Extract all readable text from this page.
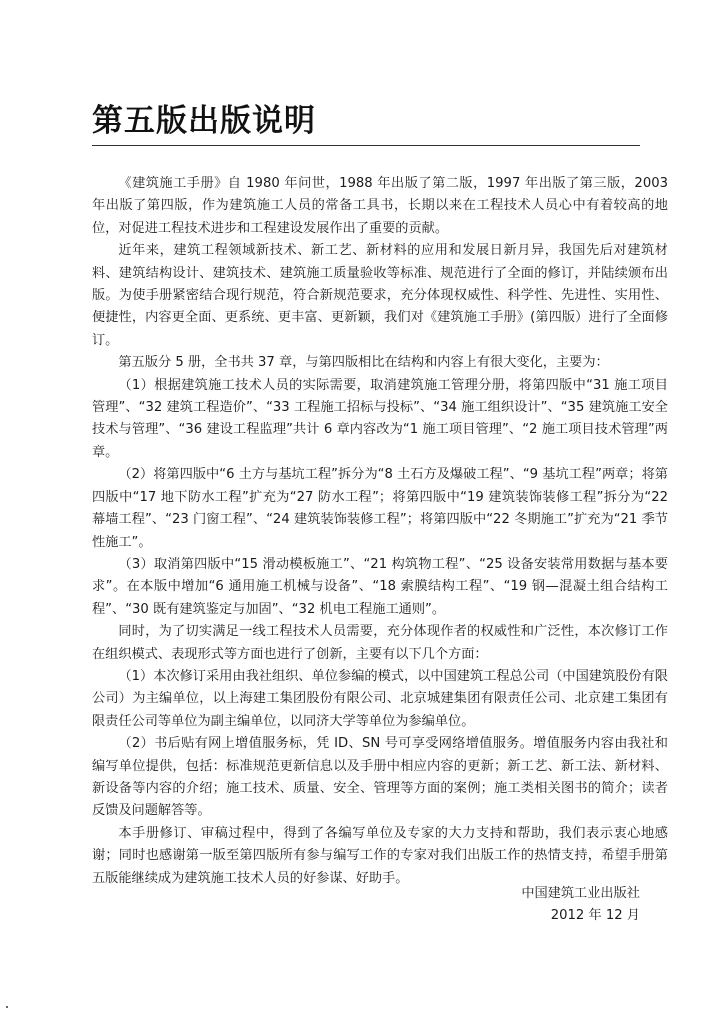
第五版出版说明

《建筑施工手册》自 1980 年问世，1988 年出版了第二版，1997 年出版了第三版，2003 年出版了第四版，作为建筑施工人员的常备工具书，长期以来在工程技术人员心中有着较高的地位，对促进工程技术进步和工程建设发展作出了重要的贡献。

近年来，建筑工程领域新技术、新工艺、新材料的应用和发展日新月异，我国先后对建筑材料、建筑结构设计、建筑技术、建筑施工质量验收等标准、规范进行了全面的修订，并陆续颁布出版。为使手册紧密结合现行规范，符合新规范要求，充分体现权威性、科学性、先进性、实用性、便捷性，内容更全面、更系统、更丰富、更新颖，我们对《建筑施工手册》(第四版）进行了全面修订。

第五版分 5 册，全书共 37 章，与第四版相比在结构和内容上有很大变化，主要为：

（1）根据建筑施工技术人员的实际需要，取消建筑施工管理分册，将第四版中“31 施工项目管理”、“32 建筑工程造价”、“33 工程施工招标与投标”、“34 施工组织设计”、“35 建筑施工安全技术与管理”、“36 建设工程监理”共计 6 章内容改为“1 施工项目管理”、“2 施工项目技术管理”两章。

（2）将第四版中“6 土方与基坑工程”拆分为“8 土石方及爆破工程”、“9 基坑工程”两章；将第四版中“17 地下防水工程”扩充为“27 防水工程”；将第四版中“19 建筑装饰装修工程”拆分为“22 幕墙工程”、“23 门窗工程”、“24 建筑装饰装修工程”；将第四版中“22 冬期施工”扩充为“21 季节性施工”。

（3）取消第四版中“15 滑动模板施工”、“21 构筑物工程”、“25 设备安装常用数据与基本要求”。在本版中增加“6 通用施工机械与设备”、“18 索膜结构工程”、“19 钢—混凝土组合结构工程”、“30 既有建筑鉴定与加固”、“32 机电工程施工通则”。

同时，为了切实满足一线工程技术人员需要，充分体现作者的权威性和广泛性，本次修订工作在组织模式、表现形式等方面也进行了创新，主要有以下几个方面：

（1）本次修订采用由我社组织、单位参编的模式，以中国建筑工程总公司（中国建筑股份有限公司）为主编单位，以上海建工集团股份有限公司、北京城建集团有限责任公司、北京建工集团有限责任公司等单位为副主编单位，以同济大学等单位为参编单位。

（2）书后贴有网上增值服务标，凭 ID、SN 号可享受网络增值服务。增值服务内容由我社和编写单位提供，包括：标准规范更新信息以及手册中相应内容的更新；新工艺、新工法、新材料、新设备等内容的介绍；施工技术、质量、安全、管理等方面的案例；施工类相关图书的简介；读者反馈及问题解答等。

本手册修订、审稿过程中，得到了各编写单位及专家的大力支持和帮助，我们表示衷心地感谢；同时也感谢第一版至第四版所有参与编写工作的专家对我们出版工作的热情支持，希望手册第五版能继续成为建筑施工技术人员的好参谋、好助手。

中国建筑工业出版社
2012 年 12 月
